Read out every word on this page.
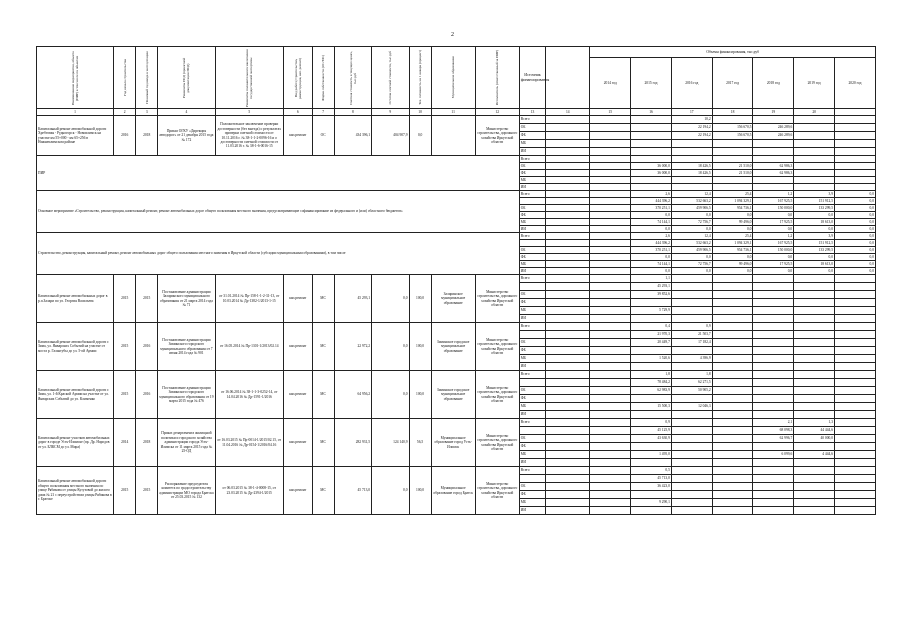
2
Наименование мероприятия, объекта (ПИР) в том числе по объектам	Год начала строительства	Плановый год ввода в эксплуатацию	Реквизиты ПСД (проектной документации ПСД)	Реквизиты положительного заключения государственной экспертизы	Вид работ (строительство, реконструкция, кап. ремонт)	Форма собственности (ОС/МС)	Сметная стоимость в текущих ценах, тыс.руб	Остаток сметной стоимости, тыс.руб	Тех. готовность на 1 января (процент)	Муниципальное образование	Исполнитель (ответственный за ПИР)	Источник финансирования		Объемы финансирования, тыс.руб						
														2014 год	2015 год	2016 год	2017 год	2018 год	2019 год	2020 год
1	2	3	4	5	6	7	8	9	10	11	12	13	14	15	16	17	18	19	20	
Капитальный ремонт автомобильной дороги Хребтовая - Рудногорск - Новоилимск на участке км 55+000 - км 65+256 в Нижнеилимском районе	2016	2018	Приказ ОГКУ «Дирекция автодорог» от 21 декабря 2015 года № 172	Положительное заключение проверки достоверности (без выезда) о результатах проверки сметной стоимости от 10.11.2016 г. № 38-1-1-2-0096-16 и о достоверности сметной стоимости от 11.03.2016 г. № 38-1-6-0016-15	кап.ремонт	ОС	434 396,1	404 907,9	0,0		Министерство строительства, дорожного хозяйства Иркутской области	Всего				10,2				
												ОБ				22 194,2	156 670,5	246 289,6		
												ФБ				22 194,2	156 670,5	246 289,6		
												МБ								
												ИИ								
ПИР												Всего								
												ОБ			36 000,0	18 426,5	21 510,0	62 986,3		
												ФБ			36 000,0	18 426,5	21 510,0	62 986,3		
												МБ								
												ИИ								
Основное мероприятие «Строительство, реконструкция, капитальный ремонт, ремонт автомобильных дорог общего пользования местного значения, предусматривающие софинансирование из федерального и (или) областного бюджетов»												Всего			2,6	12,4	25,4	1,2	3,9	0,0
															444 396,2	532 663,2	1 094 329,1	167 925,5	151 912,5	0,0
												ОБ			370 251,1	459 906,5	954 736,1	150 000,0	133 299,5	0,0
												ФБ			0,0	0,0	0,0	0,0	0,0	0,0
												МБ			74 144,1	72 756,7	99 496,0	17 925,5	18 613,0	0,0
												ИИ			0,0	0,0	0,0	0,0	0,0	0,0
Строительство, реконструкция, капитальный ремонт, ремонт автомобильных дорог общего пользования местного значения в Иркутской области (субсидии муниципальным образованиям), в том числе												Всего			2,6	12,4	25,4	1,2	3,9	0,0
															444 396,2	532 663,2	1 094 329,1	167 925,5	151 912,5	0,0
												ОБ			370 251,1	459 906,5	954 736,1	150 000,0	133 299,5	0,0
												ФБ			0,0	0,0	0,0	0,0	0,0	0,0
												МБ			74 144,1	72 756,7	99 496,0	17 925,5	18 613,0	0,0
												ИИ			0,0	0,0	0,0	0,0	0,0	0,0
Капитальный ремонт автомобильных дорог в р.п.Залари по ул. Георгия Васильева	2015	2015	Постановление администрации Заларинского муниципального образования от 21 марта 2014 года № 71	от 31.01.2014 № Пр-158-1-1-2-31-13, от 10.03.2014 № Др-1382-1/2013-1-15	кап.ремонт	МС	45 293,1	0,0	100,0	Заларинское муниципальное образование	Министерство строительства, дорожного хозяйства Иркутской области	Всего			1,1					
															45 293,1					
												ОБ			39 852,6					
												ФБ								
												МБ			5 729,9					
												ИИ								
Капитальный ремонт автомобильной дороги г. Зима, ул. Январских Событий на участке от моста р. Галактубы до ул. 5-ой Армии	2015	2016	Постановление администрации Зиминского городского муниципального образования от 7 июня 2014 года № 901	от 16.05.2014 № Пр-1301-1/2013/02.14	кап.ремонт	МС	22 972,2	0,0	100,0	Зиминское городское муниципальное образование	Министерство строительства, дорожного хозяйства Иркутской области	Всего			0,4	0,9				
															21 970,3	21 503,7				
												ОБ			20 449,7	17 182,4				
												ФБ								
												МБ			1 520,6	4 396,9				
												ИИ								
Капитальный ремонт автомобильной дороги г. Зима, ул. 1-й Краской Армии на участке от ул. Январских Событий до ул. Клименко	2015	2016	Постановление администрации Зиминского городского муниципального образования от 19 марта 2015 года № 476	от 16.06.2014 № 38-1-1-3-0252-14, от 14.04.2016 № Др-1591-1/2016	кап.ремонт	МС	64 956,2	0,0	100,0	Зиминское городское муниципальное образование	Министерство строительства, дорожного хозяйства Иркутской области	Всего			1,8	1,8				
															78 484,2	62 271,5				
												ОБ			62 983,9	50 905,2				
												ФБ								
												МБ			15 500,3	12 046,3				
												ИИ								
Капитальный ремонт участков автомобильных дорог в городе Усть-Илимске (пр. Др. Народов от ул. БЛКСМ до ул. Мира)	2014	2018	Приказ департамента жилищной политики и городского хозяйства администрации города Усть-Илимска от 11 марта 2015 года № 25-ОД	от 16.03.2015 № Пр-0014-1/2015/02.15, от 11.04.2016 № Др-0154-1/2016/04.16	кап.ремонт	МС	282 931,5	124 140,9	56,5	Муниципальное образование город Усть-Илимск	Министерство строительства, дорожного хозяйства Иркутской области	Всего			0,9			2,1	1,3	
															45 125,9			68 098,3	44 444,6	
												ОБ			43 630,9			62 996,7	40 000,0	
												ФБ								
												МБ			1 495,0			6 099,6	4 444,6	
												ИИ								
Капитальный ремонт автомобильной дороги общего пользования местного значения по улице Рябикова от улицы Кутузовой до жилого дома № 21 с переустройством улицы Рябикова в г. Братске	2015	2015	Распоряжение председателя комитета по градостроительству администрации МО города Братска от 25.03.2015 № 132	от 06.03.2015 № 38-1-4-0008-15, от 23.03.2015 № Др-2394-1/2015	кап.ремонт	МС	45 713,0	0,0	100,0	Муниципальное образование город Братск	Министерство строительства, дорожного хозяйства Иркутской области	Всего			0,5					
															45 713,0					
												ОБ			36 423,0					
												ФБ								
												МБ			9 290,1					
												ИИ								
